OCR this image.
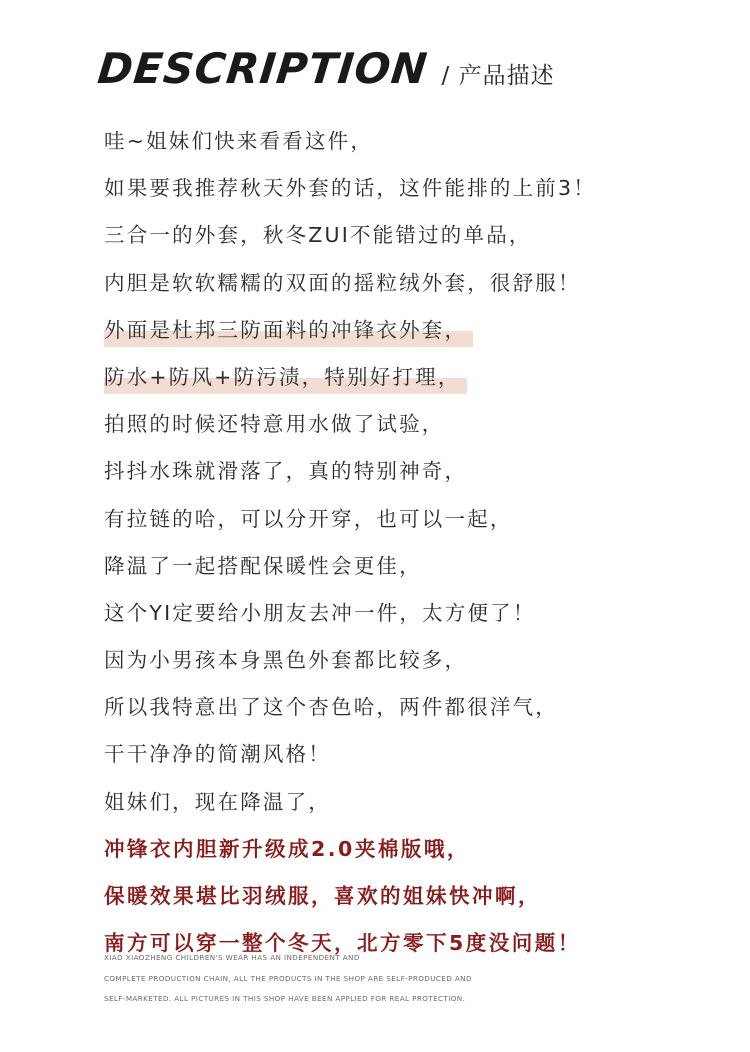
DESCRIPTION / 产品描述
哇~姐妹们快来看看这件，
如果要我推荐秋天外套的话，这件能排的上前3！
三合一的外套，秋冬ZUI不能错过的单品，
内胆是软软糯糯的双面的摇粒绒外套，很舒服！
外面是杜邦三防面料的冲锋衣外套，
防水+防风+防污渍，特别好打理，
拍照的时候还特意用水做了试验，
抖抖水珠就滑落了，真的特别神奇，
有拉链的哈，可以分开穿，也可以一起，
降温了一起搭配保暖性会更佳，
这个YI定要给小朋友去冲一件，太方便了！
因为小男孩本身黑色外套都比较多，
所以我特意出了这个杏色哈，两件都很洋气，
干干净净的简潮风格！
姐妹们，现在降温了，
冲锋衣内胆新升级成2.0夹棉版哦，
保暖效果堪比羽绒服，喜欢的姐妹快冲啊，
南方可以穿一整个冬天，北方零下5度没问题！
XIAO XIAOZHENG CHILDREN'S WEAR HAS AN INDEPENDENT AND
COMPLETE PRODUCTION CHAIN, ALL THE PRODUCTS IN THE SHOP ARE SELF-PRODUCED AND
SELF-MARKETED. ALL PICTURES IN THIS SHOP HAVE BEEN APPLIED FOR REAL PROTECTION.
